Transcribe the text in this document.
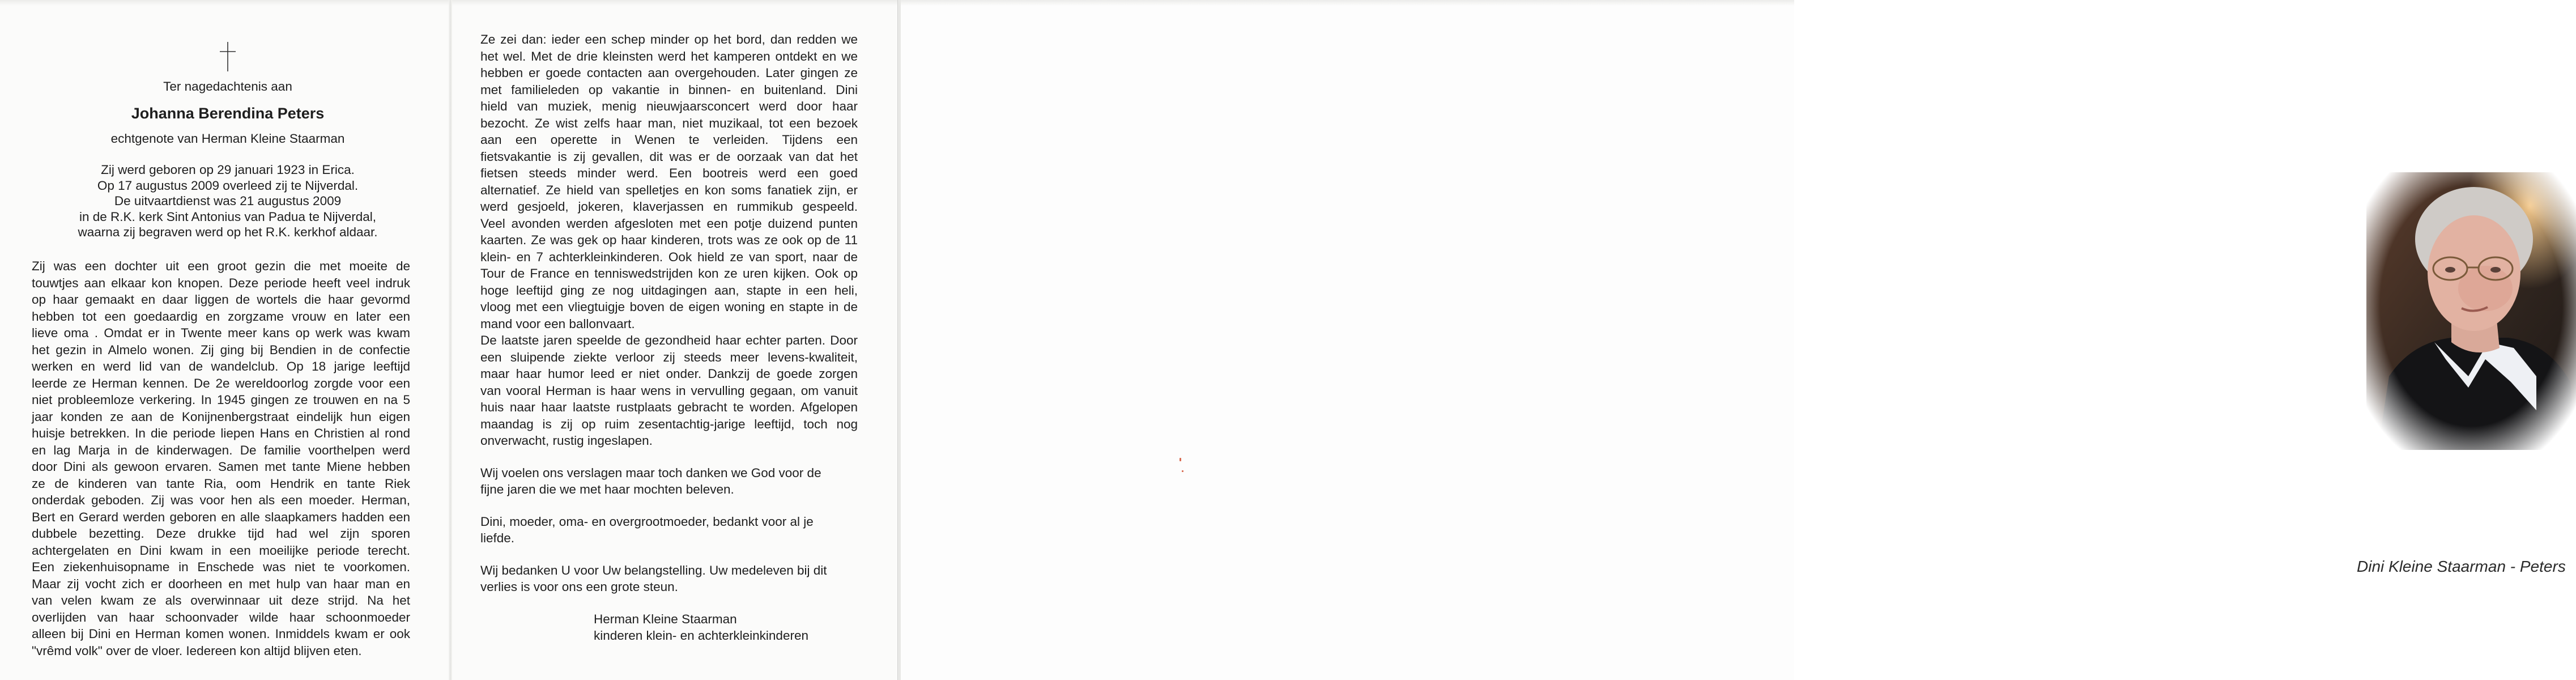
Ter nagedachtenis aan
Johanna Berendina Peters
echtgenote van Herman Kleine Staarman
Zij werd geboren op 29 januari 1923 in Erica.
Op 17 augustus 2009 overleed zij te Nijverdal.
De uitvaartdienst was 21 augustus 2009
in de R.K. kerk Sint Antonius van Padua te Nijverdal,
waarna zij begraven werd op het R.K. kerkhof aldaar.
Zij was een dochter uit een groot gezin die met moeite de
touwtjes aan elkaar kon knopen. Deze periode heeft veel indruk
op haar gemaakt en daar liggen de wortels die haar gevormd
hebben tot een goedaardig en zorgzame vrouw en later een
lieve oma . Omdat er in Twente meer kans op werk was kwam
het gezin in Almelo wonen. Zij ging bij Bendien in de confectie
werken en werd lid van de wandelclub. Op 18 jarige leeftijd
leerde ze Herman kennen. De 2e wereldoorlog zorgde voor een
niet probleemloze verkering. In 1945 gingen ze trouwen en na 5
jaar konden ze aan de Konijnenbergstraat eindelijk hun eigen
huisje betrekken. In die periode liepen Hans en Christien al rond
en lag Marja in de kinderwagen. De familie voorthelpen werd
door Dini als gewoon ervaren. Samen met tante Miene hebben
ze de kinderen van tante Ria, oom Hendrik en tante Riek
onderdak geboden. Zij was voor hen als een moeder. Herman,
Bert en Gerard werden geboren en alle slaapkamers hadden een
dubbele bezetting. Deze drukke tijd had wel zijn sporen
achtergelaten en Dini kwam in een moeilijke periode terecht.
Een ziekenhuisopname in Enschede was niet te voorkomen.
Maar zij vocht zich er doorheen en met hulp van haar man en
van velen kwam ze als overwinnaar uit deze strijd. Na het
overlijden van haar schoonvader wilde haar schoonmoeder
alleen bij Dini en Herman komen wonen. Inmiddels kwam er ook
"vrêmd volk" over de vloer. Iedereen kon altijd blijven eten.
Ze zei dan: ieder een schep minder op het bord, dan redden we
het wel. Met de drie kleinsten werd het kamperen ontdekt en we
hebben er goede contacten aan overgehouden. Later gingen ze
met familieleden op vakantie in binnen- en buitenland. Dini
hield van muziek, menig nieuwjaarsconcert werd door haar
bezocht. Ze wist zelfs haar man, niet muzikaal, tot een bezoek
aan een operette in Wenen te verleiden. Tijdens een
fietsvakantie is zij gevallen, dit was er de oorzaak van dat het
fietsen steeds minder werd. Een bootreis werd een goed
alternatief. Ze hield van spelletjes en kon soms fanatiek zijn, er
werd gesjoeld, jokeren, klaverjassen en rummikub gespeeld.
Veel avonden werden afgesloten met een potje duizend punten
kaarten. Ze was gek op haar kinderen, trots was ze ook op de 11
klein- en 7 achterkleinkinderen. Ook hield ze van sport, naar de
Tour de France en tenniswedstrijden kon ze uren kijken. Ook op
hoge leeftijd ging ze nog uitdagingen aan, stapte in een heli,
vloog met een vliegtuigje boven de eigen woning en stapte in de
mand voor een ballonvaart.
De laatste jaren speelde de gezondheid haar echter parten. Door
een sluipende ziekte verloor zij steeds meer levens-kwaliteit,
maar haar humor leed er niet onder. Dankzij de goede zorgen
van vooral Herman is haar wens in vervulling gegaan, om vanuit
huis naar haar laatste rustplaats gebracht te worden. Afgelopen
maandag is zij op ruim zesentachtig-jarige leeftijd, toch nog
onverwacht, rustig ingeslapen.
Wij voelen ons verslagen maar toch danken we God voor de
fijne jaren die we met haar mochten beleven.
Dini, moeder, oma- en overgrootmoeder, bedankt voor al je
liefde.
Wij bedanken U voor Uw belangstelling. Uw medeleven bij dit
verlies is voor ons een grote steun.
Herman Kleine Staarman
kinderen klein- en achterkleinkinderen
Dini Kleine Staarman - Peters
